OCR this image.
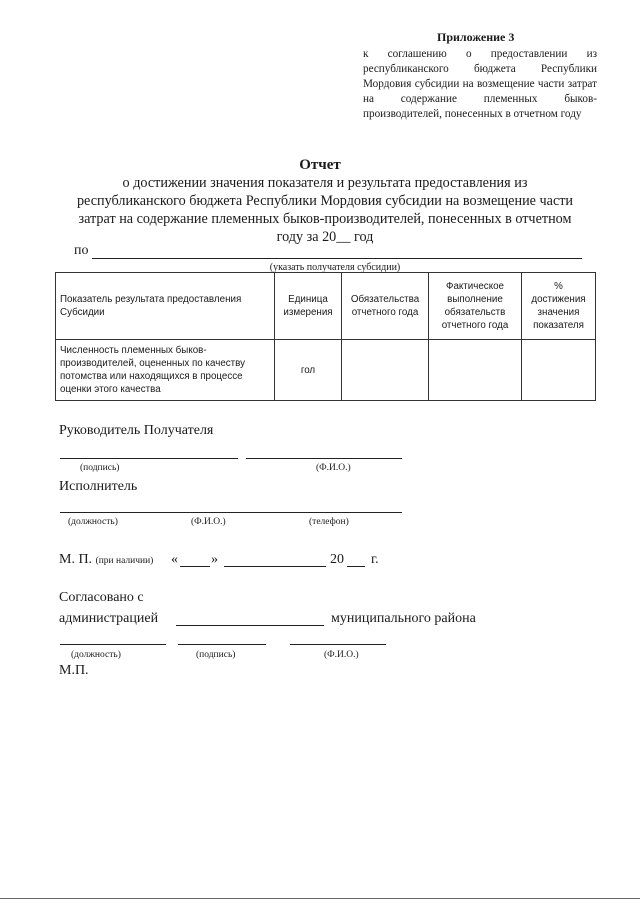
Приложение 3
к соглашению о предоставлении из республиканского бюджета Республики Мордовия субсидии на возмещение части затрат на содержание племенных быков- производителей, понесенных в отчетном году
Отчет
о достижении значения показателя и результата предоставления из
республиканского бюджета Республики Мордовия субсидии на возмещение части
затрат на содержание племенных быков-производителей, понесенных в отчетном
году за 20__ год
по
(указать получателя субсидии)
Показатель результата предоставления Субсидии	Единица измерения	Обязательства отчетного года	Фактическое выполнение обязательств отчетного года	% достижения значения показателя
Численность племенных быков-производителей, оцененных по качеству потомства или находящихся в процессе оценки этого качества	гол			
Руководитель Получателя
(подпись)	(Ф.И.О.)
Исполнитель
(должность)	(Ф.И.О.)	(телефон)
М. П. (при наличии) « »	20 г.
Согласовано с
администрацией	муниципального района
(должность)	(подпись)	(Ф.И.О.)
М.П.
